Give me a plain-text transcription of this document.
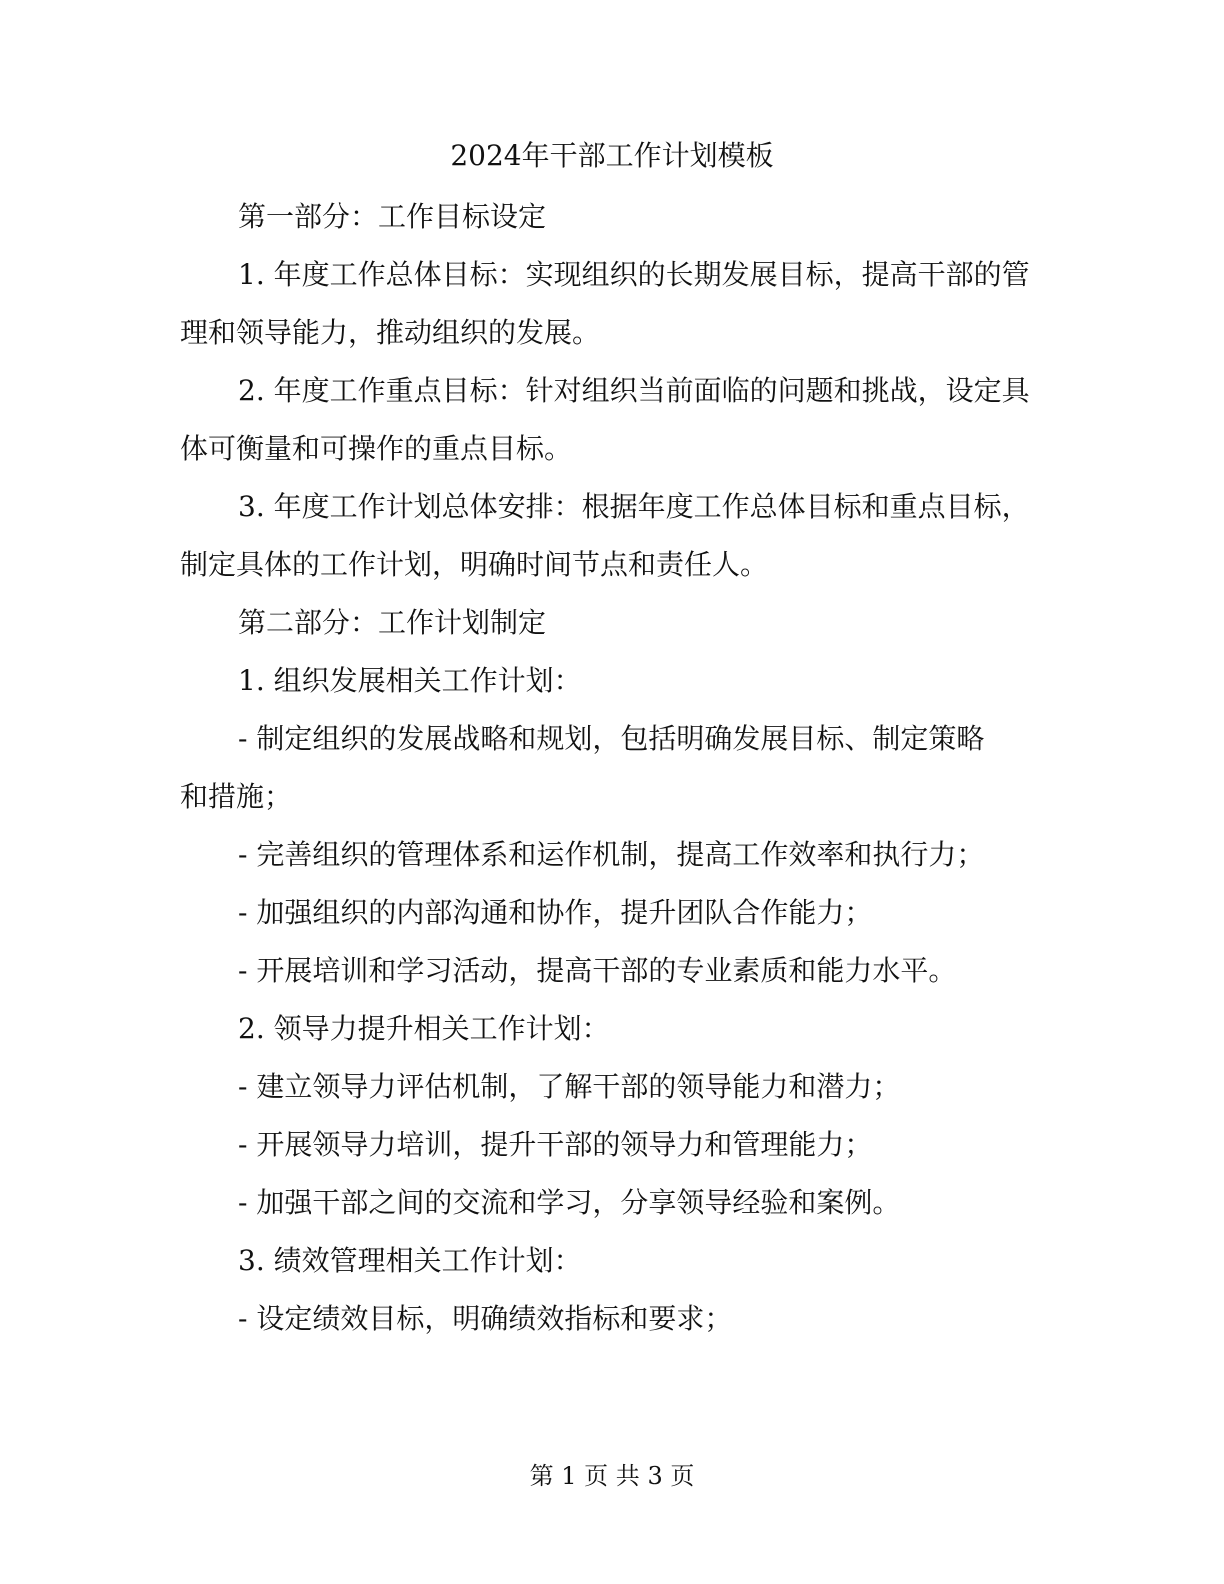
2024年干部工作计划模板

第一部分：工作目标设定

1. 年度工作总体目标：实现组织的长期发展目标，提高干部的管理和领导能力，推动组织的发展。

2. 年度工作重点目标：针对组织当前面临的问题和挑战，设定具体可衡量和可操作的重点目标。

3. 年度工作计划总体安排：根据年度工作总体目标和重点目标，制定具体的工作计划，明确时间节点和责任人。

第二部分：工作计划制定

1. 组织发展相关工作计划：

- 制定组织的发展战略和规划，包括明确发展目标、制定策略和措施；

- 完善组织的管理体系和运作机制，提高工作效率和执行力；

- 加强组织的内部沟通和协作，提升团队合作能力；

- 开展培训和学习活动，提高干部的专业素质和能力水平。

2. 领导力提升相关工作计划：

- 建立领导力评估机制，了解干部的领导能力和潜力；

- 开展领导力培训，提升干部的领导力和管理能力；

- 加强干部之间的交流和学习，分享领导经验和案例。

3. 绩效管理相关工作计划：

- 设定绩效目标，明确绩效指标和要求；

第 1 页 共 3 页
